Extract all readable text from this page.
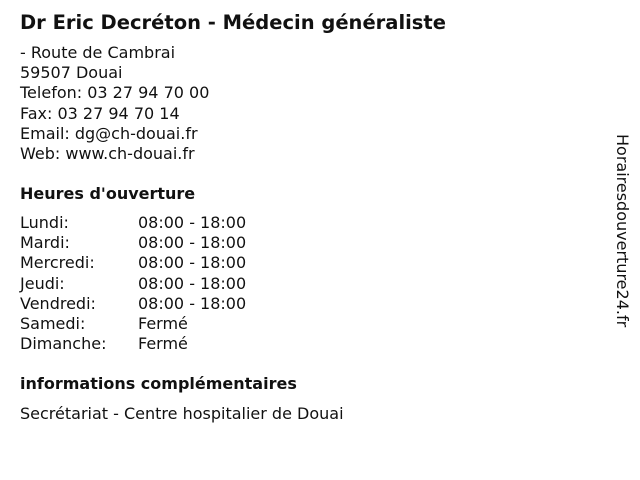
Dr Eric Decréton - Médecin généraliste
- Route de Cambrai
59507 Douai
Telefon: 03 27 94 70 00
Fax: 03 27 94 70 14
Email: dg@ch-douai.fr
Web: www.ch-douai.fr
Heures d'ouverture
Lundi:	08:00 - 18:00
Mardi:	08:00 - 18:00
Mercredi:	08:00 - 18:00
Jeudi:	08:00 - 18:00
Vendredi:	08:00 - 18:00
Samedi:	Fermé
Dimanche:	Fermé
informations complémentaires
Secrétariat - Centre hospitalier de Douai
Horairesdouverture24.fr
